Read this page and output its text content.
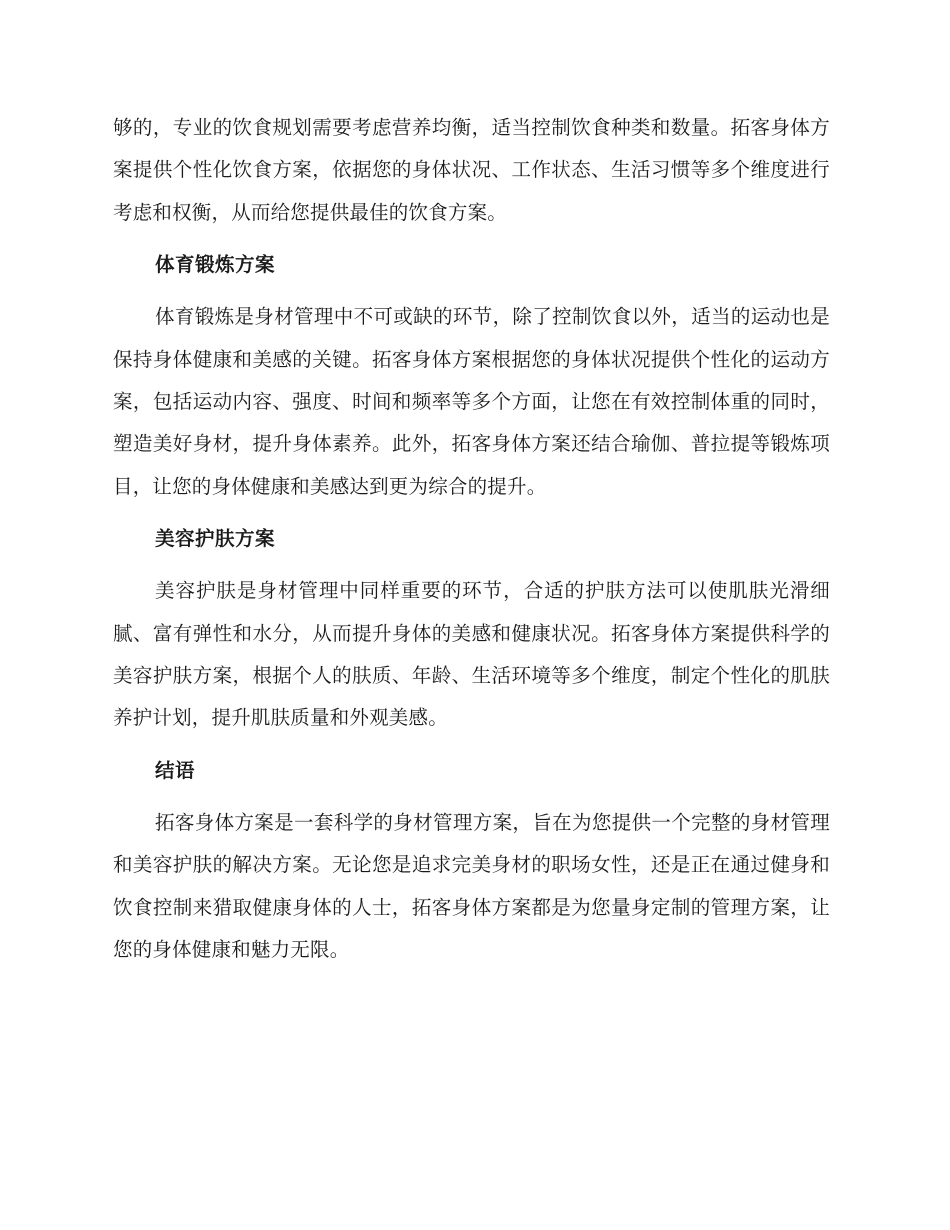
够的，专业的饮食规划需要考虑营养均衡，适当控制饮食种类和数量。拓客身体方案提供个性化饮食方案，依据您的身体状况、工作状态、生活习惯等多个维度进行考虑和权衡，从而给您提供最佳的饮食方案。

体育锻炼方案

体育锻炼是身材管理中不可或缺的环节，除了控制饮食以外，适当的运动也是保持身体健康和美感的关键。拓客身体方案根据您的身体状况提供个性化的运动方案，包括运动内容、强度、时间和频率等多个方面，让您在有效控制体重的同时，塑造美好身材，提升身体素养。此外，拓客身体方案还结合瑜伽、普拉提等锻炼项目，让您的身体健康和美感达到更为综合的提升。

美容护肤方案

美容护肤是身材管理中同样重要的环节，合适的护肤方法可以使肌肤光滑细腻、富有弹性和水分，从而提升身体的美感和健康状况。拓客身体方案提供科学的美容护肤方案，根据个人的肤质、年龄、生活环境等多个维度，制定个性化的肌肤养护计划，提升肌肤质量和外观美感。

结语

拓客身体方案是一套科学的身材管理方案，旨在为您提供一个完整的身材管理和美容护肤的解决方案。无论您是追求完美身材的职场女性，还是正在通过健身和饮食控制来猎取健康身体的人士，拓客身体方案都是为您量身定制的管理方案，让您的身体健康和魅力无限。
